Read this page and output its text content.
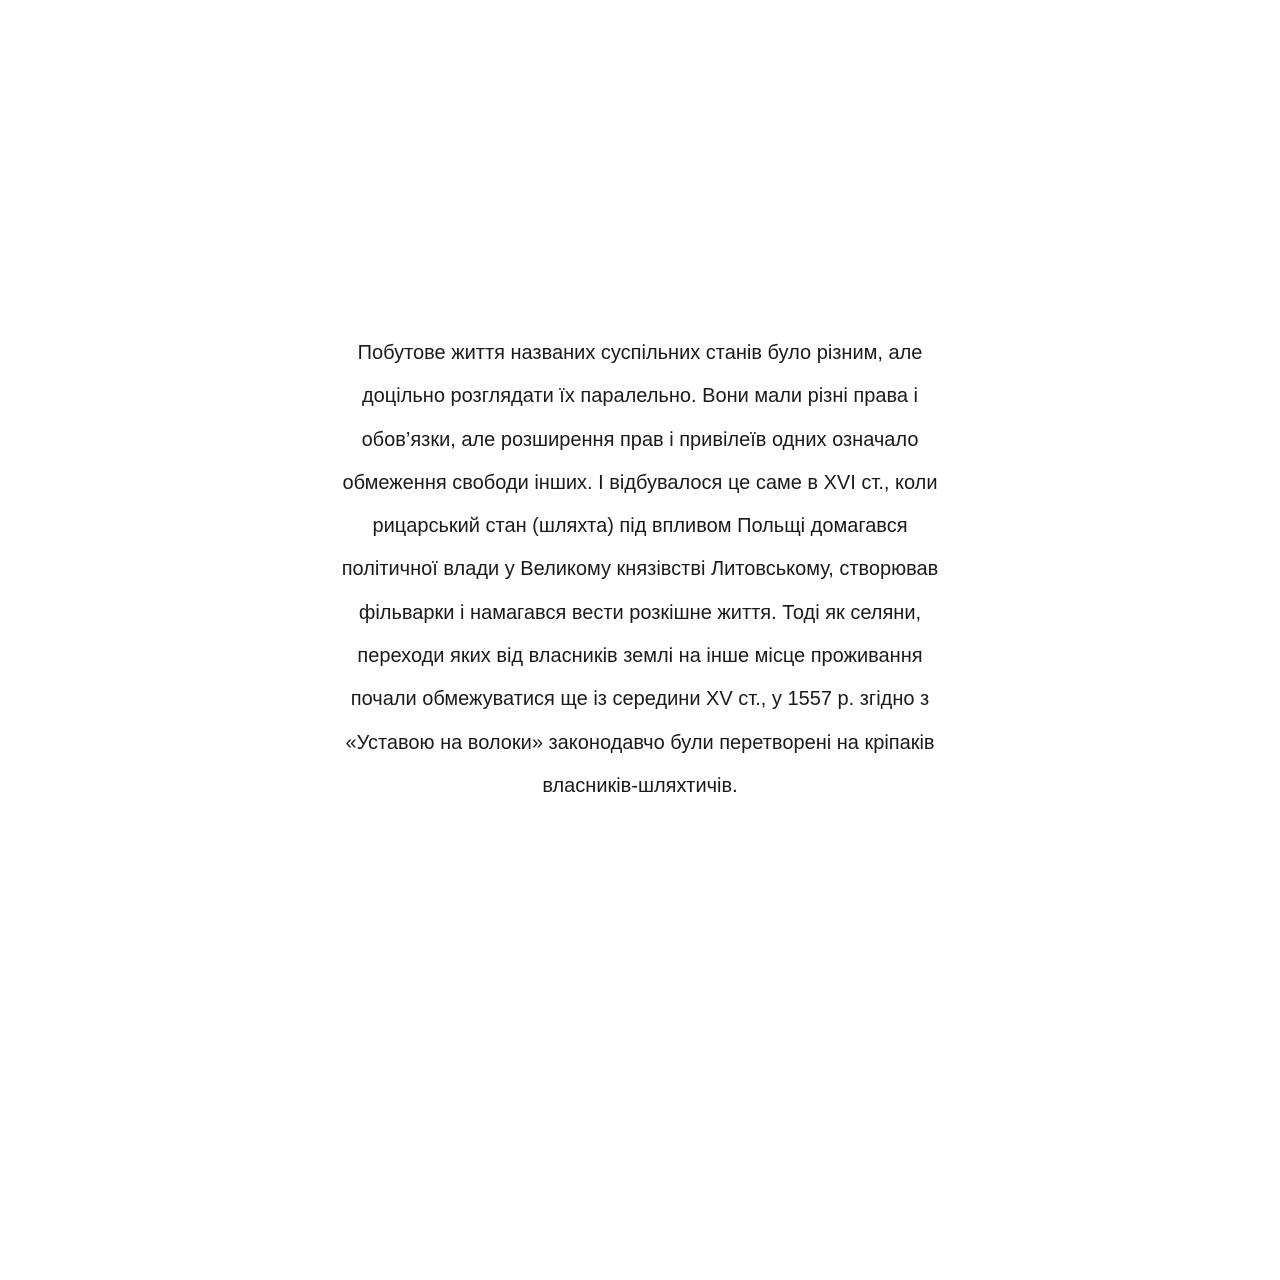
Побутове життя названих суспільних станів було різним, але
доцільно розглядати їх паралельно. Вони мали різні права і
обов’язки, але розширення прав і привілеїв одних означало
обмеження свободи інших. І відбувалося це саме в XVI ст., коли
рицарський стан (шляхта) під впливом Польщі домагався
політичної влади у Великому князівстві Литовському, створював
фільварки і намагався вести розкішне життя. Тоді як селяни,
переходи яких від власників землі на інше місце проживання
почали обмежуватися ще із середини XV ст., у 1557 р. згідно з
«Уставою на волоки» законодавчо були перетворені на кріпаків
власників-шляхтичів.
